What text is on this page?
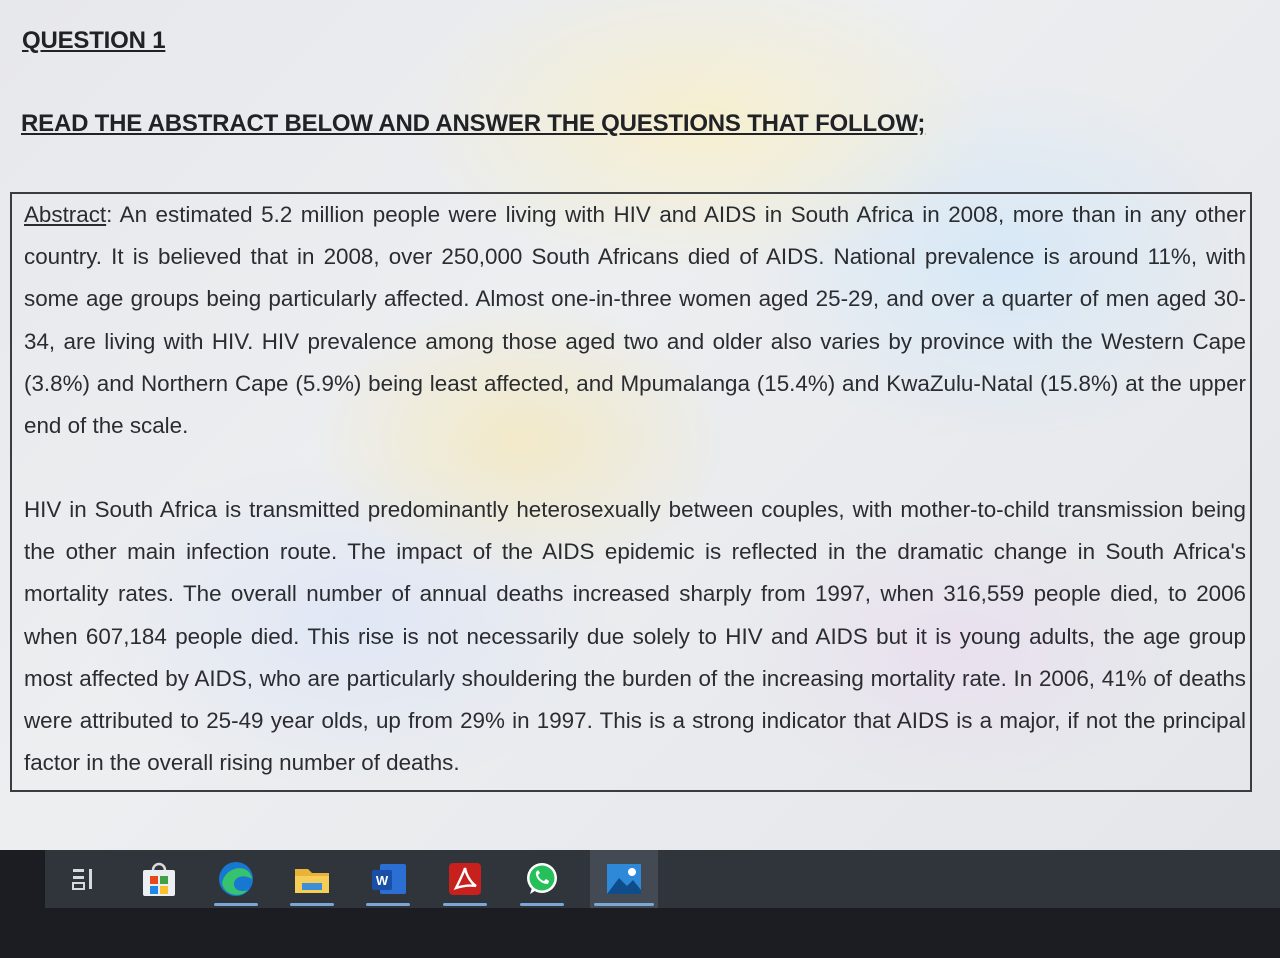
QUESTION 1
READ THE ABSTRACT BELOW AND ANSWER THE QUESTIONS THAT FOLLOW;

Abstract: An estimated 5.2 million people were living with HIV and AIDS in South Africa in 2008, more than in any other country. It is believed that in 2008, over 250,000 South Africans died of AIDS. National prevalence is around 11%, with some age groups being particularly affected. Almost one-in-three women aged 25-29, and over a quarter of men aged 30-34, are living with HIV. HIV prevalence among those aged two and older also varies by province with the Western Cape (3.8%) and Northern Cape (5.9%) being least affected, and Mpumalanga (15.4%) and KwaZulu-Natal (15.8%) at the upper end of the scale.

HIV in South Africa is transmitted predominantly heterosexually between couples, with mother-to-child transmission being the other main infection route. The impact of the AIDS epidemic is reflected in the dramatic change in South Africa's mortality rates. The overall number of annual deaths increased sharply from 1997, when 316,559 people died, to 2006 when 607,184 people died. This rise is not necessarily due solely to HIV and AIDS but it is young adults, the age group most affected by AIDS, who are particularly shouldering the burden of the increasing mortality rate. In 2006, 41% of deaths were attributed to 25-49 year olds, up from 29% in 1997. This is a strong indicator that AIDS is a major, if not the principal factor in the overall rising number of deaths.

W
